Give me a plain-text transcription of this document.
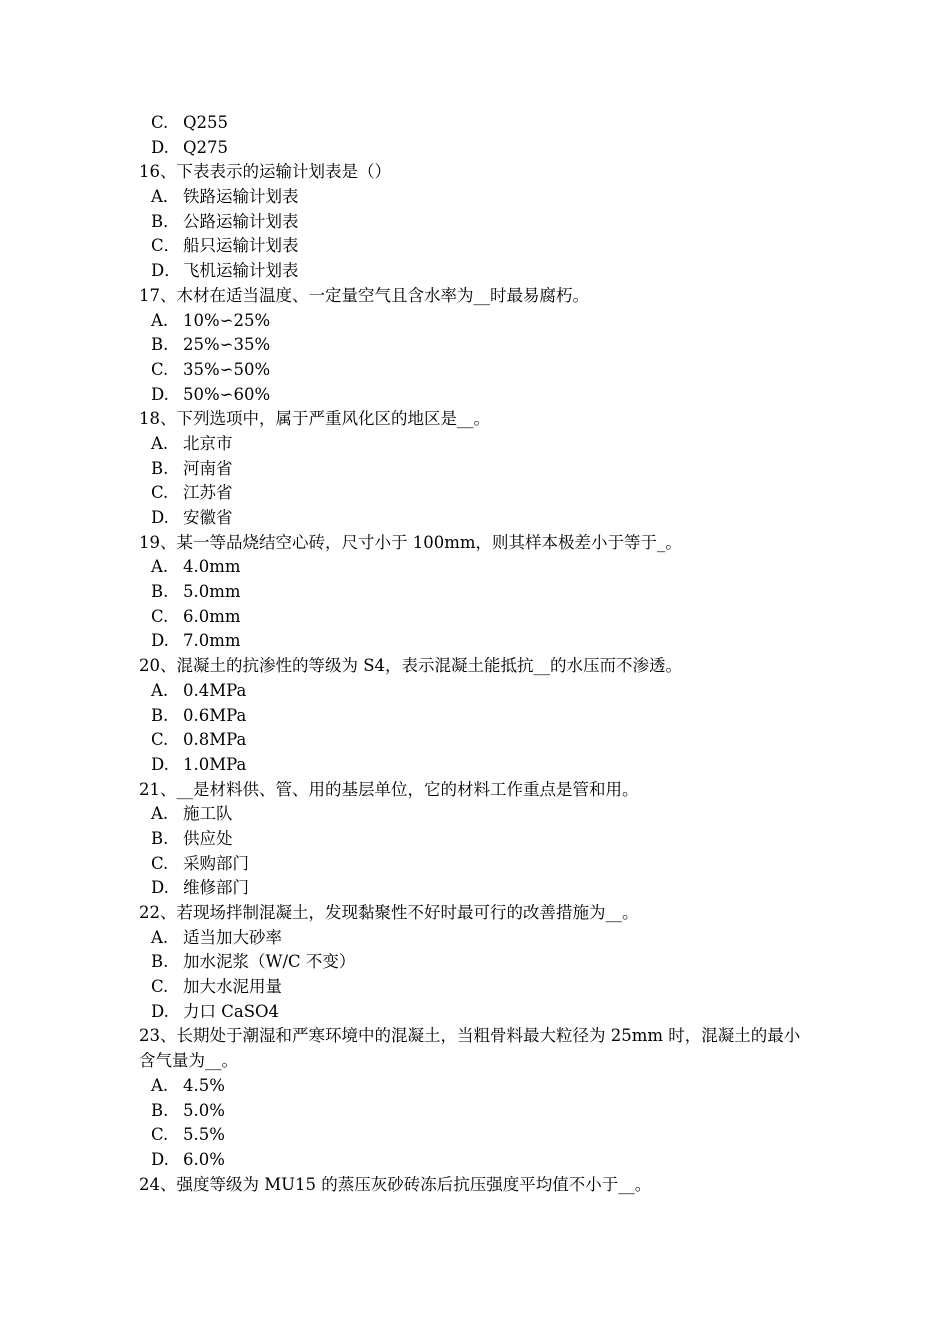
C. Q255
D. Q275
16、下表表示的运输计划表是（）
A． 铁路运输计划表
B． 公路运输计划表
C． 船只运输计划表
D． 飞机运输计划表
17、木材在适当温度、一定量空气且含水率为__时最易腐朽。
A. 10%∽25%
B. 25%∽35%
C. 35%∽50%
D. 50%∽60%
18、下列选项中，属于严重风化区的地区是__。
A. 北京市
B. 河南省
C. 江苏省
D. 安徽省
19、某一等品烧结空心砖，尺寸小于 100mm，则其样本极差小于等于_。
A. 4.0mm
B. 5.0mm
C. 6.0mm
D. 7.0mm
20、混凝土的抗渗性的等级为 S4，表示混凝土能抵抗__的水压而不渗透。
A. 0.4MPa
B. 0.6MPa
C. 0.8MPa
D. 1.0MPa
21、__是材料供、管、用的基层单位，它的材料工作重点是管和用。
A. 施工队
B. 供应处
C. 采购部门
D. 维修部门
22、若现场拌制混凝土，发现黏聚性不好时最可行的改善措施为__。
A. 适当加大砂率
B. 加水泥浆（W/C 不变）
C. 加大水泥用量
D. 力口 CaSO4
23、长期处于潮湿和严寒环境中的混凝土，当粗骨料最大粒径为 25mm 时，混凝土的最小含气量为__。
A. 4.5%
B. 5.0%
C. 5.5%
D. 6.0%
24、强度等级为 MU15 的蒸压灰砂砖冻后抗压强度平均值不小于__。
